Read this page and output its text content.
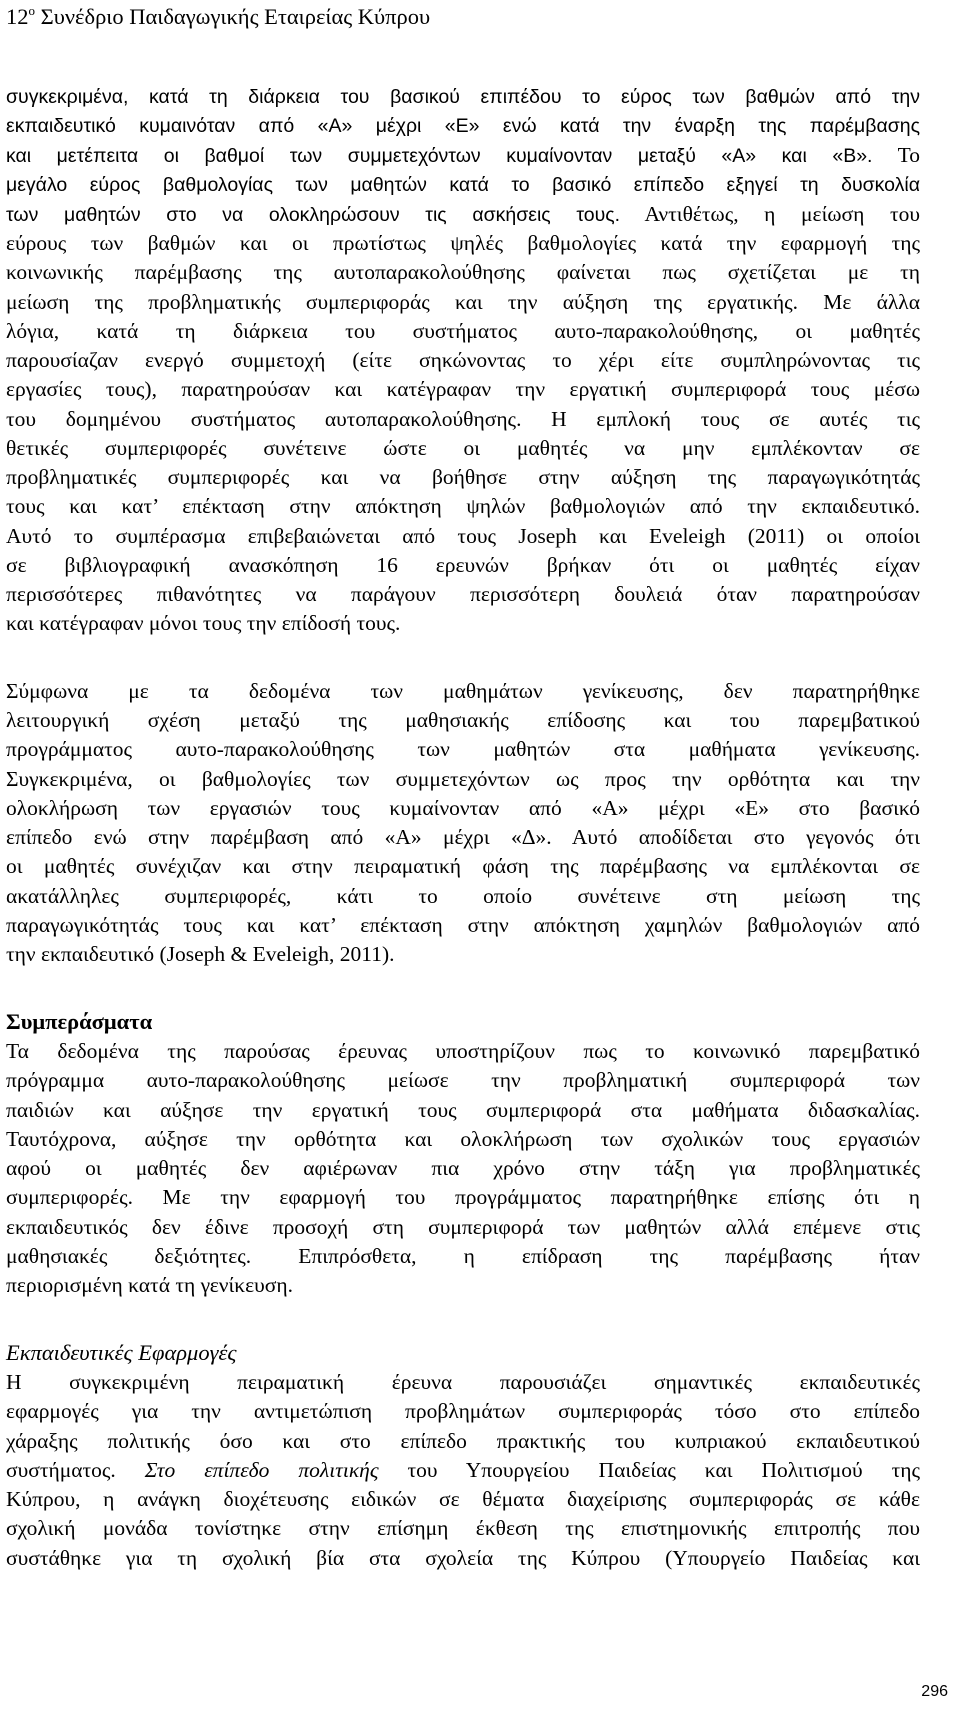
$12^o$ Συνέδριο Παιδαγωγικής Εταιρείας Κύπρου
συγκεκριμένα, κατά τη διάρκεια του βασικού επιπέδου το εύρος των βαθμών από την
εκπαιδευτικό κυμαινόταν από «Α» μέχρι «Ε» ενώ κατά την έναρξη της παρέμβασης
και μετέπειτα οι βαθμοί των συμμετεχόντων κυμαίνονταν μεταξύ «Α» και «Β». Το
μεγάλο εύρος βαθμολογίας των μαθητών κατά το βασικό επίπεδο εξηγεί τη δυσκολία
των μαθητών στο να ολοκληρώσουν τις ασκήσεις τους. Αντιθέτως, η μείωση του
εύρους των βαθμών και οι πρωτίστως ψηλές βαθμολογίες κατά την εφαρμογή της
κοινωνικής παρέμβασης της αυτοπαρακολούθησης φαίνεται πως σχετίζεται με τη
μείωση της προβληματικής συμπεριφοράς και την αύξηση της εργατικής. Με άλλα
λόγια, κατά τη διάρκεια του συστήματος αυτο-παρακολούθησης, οι μαθητές
παρουσίαζαν ενεργό συμμετοχή (είτε σηκώνοντας το χέρι είτε συμπληρώνοντας τις
εργασίες τους), παρατηρούσαν και κατέγραφαν την εργατική συμπεριφορά τους μέσω
του δομημένου συστήματος αυτοπαρακολούθησης. Η εμπλοκή τους σε αυτές τις
θετικές συμπεριφορές συνέτεινε ώστε οι μαθητές να μην εμπλέκονταν σε
προβληματικές συμπεριφορές και να βοήθησε στην αύξηση της παραγωγικότητάς
τους και κατ’ επέκταση στην απόκτηση ψηλών βαθμολογιών από την εκπαιδευτικό.
Αυτό το συμπέρασμα επιβεβαιώνεται από τους Joseph και Eveleigh (2011) οι οποίοι
σε βιβλιογραφική ανασκόπηση 16 ερευνών βρήκαν ότι οι μαθητές είχαν
περισσότερες πιθανότητες να παράγουν περισσότερη δουλειά όταν παρατηρούσαν
και κατέγραφαν μόνοι τους την επίδοσή τους.
Σύμφωνα με τα δεδομένα των μαθημάτων γενίκευσης, δεν παρατηρήθηκε
λειτουργική σχέση μεταξύ της μαθησιακής επίδοσης και του παρεμβατικού
προγράμματος αυτο-παρακολούθησης των μαθητών στα μαθήματα γενίκευσης.
Συγκεκριμένα, οι βαθμολογίες των συμμετεχόντων ως προς την ορθότητα και την
ολοκλήρωση των εργασιών τους κυμαίνονταν από «Α» μέχρι «Ε» στο βασικό
επίπεδο ενώ στην παρέμβαση από «Α» μέχρι «Δ». Αυτό αποδίδεται στο γεγονός ότι
οι μαθητές συνέχιζαν και στην πειραματική φάση της παρέμβασης να εμπλέκονται σε
ακατάλληλες συμπεριφορές, κάτι το οποίο συνέτεινε στη μείωση της
παραγωγικότητάς τους και κατ’ επέκταση στην απόκτηση χαμηλών βαθμολογιών από
την εκπαιδευτικό (Joseph & Eveleigh, 2011).
Συμπεράσματα
Τα δεδομένα της παρούσας έρευνας υποστηρίζουν πως το κοινωνικό παρεμβατικό
πρόγραμμα αυτο-παρακολούθησης μείωσε την προβληματική συμπεριφορά των
παιδιών και αύξησε την εργατική τους συμπεριφορά στα μαθήματα διδασκαλίας.
Ταυτόχρονα, αύξησε την ορθότητα και ολοκλήρωση των σχολικών τους εργασιών
αφού οι μαθητές δεν αφιέρωναν πια χρόνο στην τάξη για προβληματικές
συμπεριφορές. Με την εφαρμογή του προγράμματος παρατηρήθηκε επίσης ότι η
εκπαιδευτικός δεν έδινε προσοχή στη συμπεριφορά των μαθητών αλλά επέμενε στις
μαθησιακές δεξιότητες. Επιπρόσθετα, η επίδραση της παρέμβασης ήταν
περιορισμένη κατά τη γενίκευση.
Εκπαιδευτικές Εφαρμογές
Η συγκεκριμένη πειραματική έρευνα παρουσιάζει σημαντικές εκπαιδευτικές
εφαρμογές για την αντιμετώπιση προβλημάτων συμπεριφοράς τόσο στο επίπεδο
χάραξης πολιτικής όσο και στο επίπεδο πρακτικής του κυπριακού εκπαιδευτικού
συστήματος. Στο επίπεδο πολιτικής του Υπουργείου Παιδείας και Πολιτισμού της
Κύπρου, η ανάγκη διοχέτευσης ειδικών σε θέματα διαχείρισης συμπεριφοράς σε κάθε
σχολική μονάδα τονίστηκε στην επίσημη έκθεση της επιστημονικής επιτροπής που
συστάθηκε για τη σχολική βία στα σχολεία της Κύπρου (Υπουργείο Παιδείας και
296
